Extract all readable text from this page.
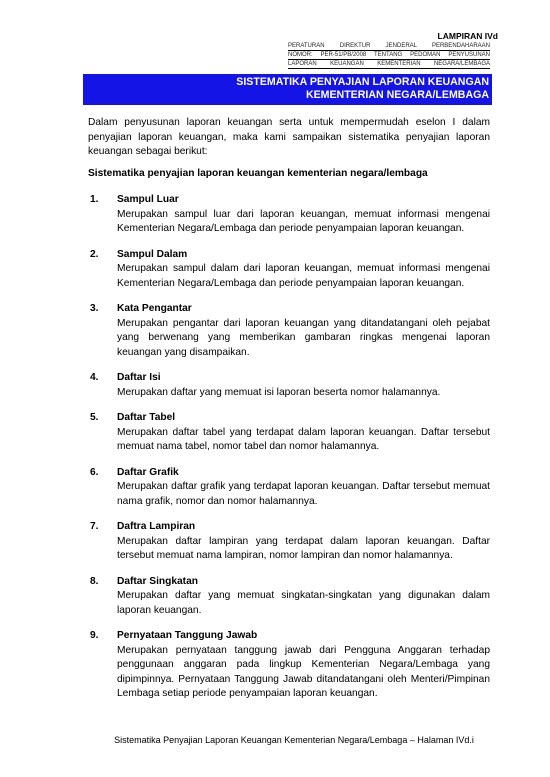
LAMPIRAN IVd
PERATURAN DIREKTUR JENDERAL PERBENDAHARAAN
NOMOR: PER-51/PB/2008 TENTANG PEDOMAN PENYUSUNAN
LAPORAN KEUANGAN KEMENTERIAN NEGARA/LEMBAGA
SISTEMATIKA PENYAJIAN LAPORAN KEUANGAN
KEMENTERIAN NEGARA/LEMBAGA
Dalam penyusunan laporan keuangan serta untuk mempermudah eselon I dalam penyajian laporan keuangan, maka kami sampaikan sistematika penyajian laporan keuangan sebagai berikut:
Sistematika penyajian laporan keuangan kementerian negara/lembaga
1. Sampul Luar
Merupakan sampul luar dari laporan keuangan, memuat informasi mengenai Kementerian Negara/Lembaga dan periode penyampaian laporan keuangan.
2. Sampul Dalam
Merupakan sampul dalam dari laporan keuangan, memuat informasi mengenai Kementerian Negara/Lembaga dan periode penyampaian laporan keuangan.
3. Kata Pengantar
Merupakan pengantar dari laporan keuangan yang ditandatangani oleh pejabat yang berwenang yang memberikan gambaran ringkas mengenai laporan keuangan yang disampaikan.
4. Daftar Isi
Merupakan daftar yang memuat isi laporan beserta nomor halamannya.
5. Daftar Tabel
Merupakan daftar tabel yang terdapat dalam laporan keuangan. Daftar tersebut memuat nama tabel, nomor tabel dan nomor halamannya.
6. Daftar Grafik
Merupakan daftar grafik yang terdapat laporan keuangan. Daftar tersebut memuat nama grafik, nomor dan nomor halamannya.
7. Daftra Lampiran
Merupakan daftar lampiran yang terdapat dalam laporan keuangan. Daftar tersebut memuat nama lampiran, nomor lampiran dan nomor halamannya.
8. Daftar Singkatan
Merupakan daftar yang memuat singkatan-singkatan yang digunakan dalam laporan keuangan.
9. Pernyataan Tanggung Jawab
Merupakan pernyataan tanggung jawab dari Pengguna Anggaran terhadap penggunaan anggaran pada lingkup Kementerian Negara/Lembaga yang dipimpinnya. Pernyataan Tanggung Jawab ditandatangani oleh Menteri/Pimpinan Lembaga setiap periode penyampaian laporan keuangan.
Sistematika Penyajian Laporan Keuangan Kementerian Negara/Lembaga – Halaman IVd.i
